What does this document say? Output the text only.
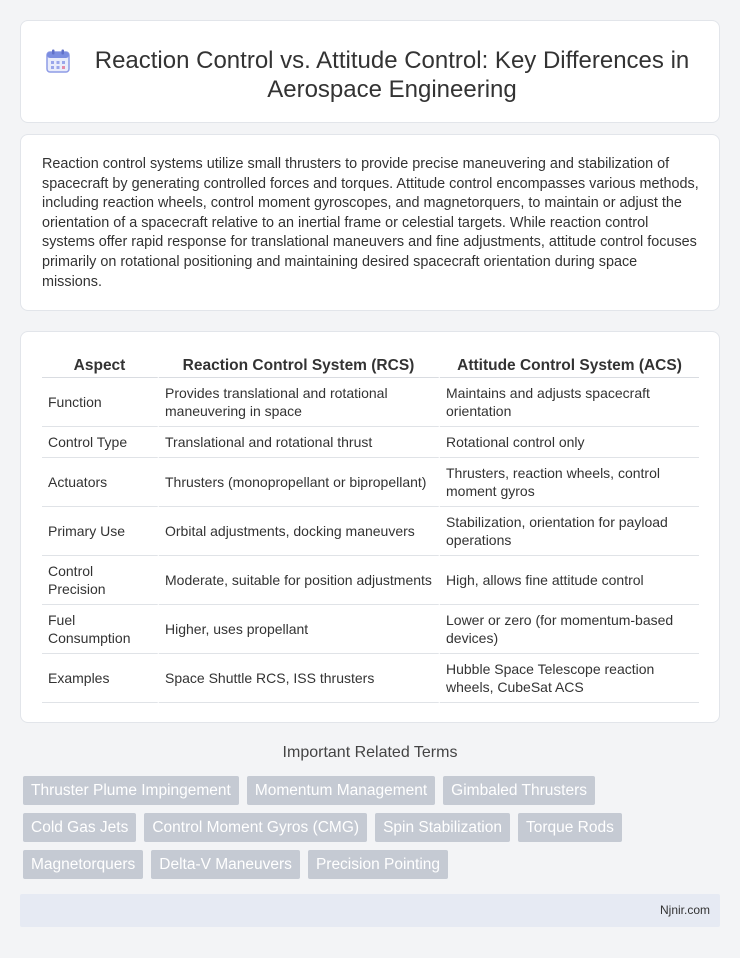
Reaction Control vs. Attitude Control: Key Differences in Aerospace Engineering

Reaction control systems utilize small thrusters to provide precise maneuvering and stabilization of spacecraft by generating controlled forces and torques. Attitude control encompasses various methods, including reaction wheels, control moment gyroscopes, and magnetorquers, to maintain or adjust the orientation of a spacecraft relative to an inertial frame or celestial targets. While reaction control systems offer rapid response for translational maneuvers and fine adjustments, attitude control focuses primarily on rotational positioning and maintaining desired spacecraft orientation during space missions.

Aspect	Reaction Control System (RCS)	Attitude Control System (ACS)
Function	Provides translational and rotational maneuvering in space	Maintains and adjusts spacecraft orientation
Control Type	Translational and rotational thrust	Rotational control only
Actuators	Thrusters (monopropellant or bipropellant)	Thrusters, reaction wheels, control moment gyros
Primary Use	Orbital adjustments, docking maneuvers	Stabilization, orientation for payload operations
Control Precision	Moderate, suitable for position adjustments	High, allows fine attitude control
Fuel Consumption	Higher, uses propellant	Lower or zero (for momentum-based devices)
Examples	Space Shuttle RCS, ISS thrusters	Hubble Space Telescope reaction wheels, CubeSat ACS
Important Related Terms
Thruster Plume Impingement	Momentum Management	Gimbaled Thrusters
Cold Gas Jets	Control Moment Gyros (CMG)	Spin Stabilization	Torque Rods
Magnetorquers	Delta-V Maneuvers	Precision Pointing
Njnir.com
